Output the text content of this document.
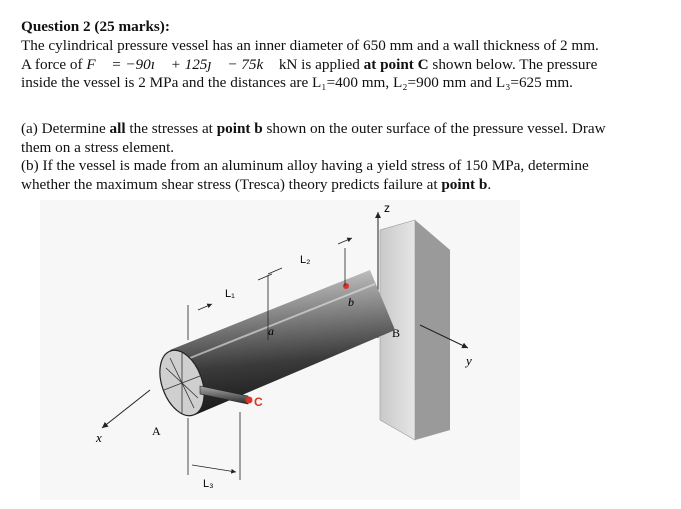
Question 2 (25 marks):
The cylindrical pressure vessel has an inner diameter of 650 mm and a wall thickness of 2 mm.
A force of F⃗ = −90ı⃗ + 125ȷ⃗ − 75k⃗ kN is applied at point C shown below. The pressure
inside the vessel is 2 MPa and the distances are L₁=400 mm, L₂=900 mm and L₃=625 mm.
(a) Determine all the stresses at point b shown on the outer surface of the pressure vessel. Draw
them on a stress element.
(b) If the vessel is made from an aluminum alloy having a yield stress of 150 MPa, determine
whether the maximum shear stress (Tresca) theory predicts failure at point b.
z
B
C
b
a
A
L₁
L₂
L₃
y
x
